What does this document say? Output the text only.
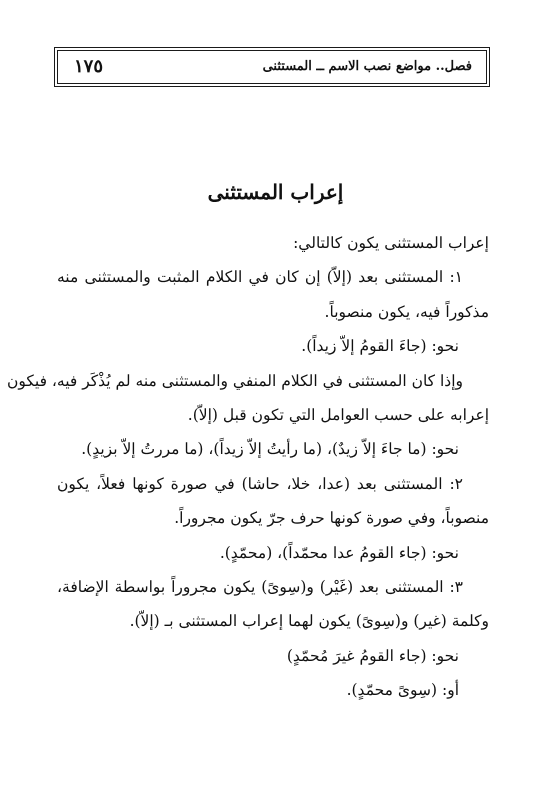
فصل.. مواضع نصب الاسم ــ المستثنى
١٧٥
إعراب المستثنى
إعراب المستثنى يكون كالتالي:
١: المستثنى بعد (إلاّ) إن كان في الكلام المثبت والمستثنى منه
مذكوراً فيه، يكون منصوباً.
نحو: (جاءَ القومُ إلاّ زيداً).
وإذا كان المستثنى في الكلام المنفي والمستثنى منه لم يُذْكَر فيه، فيكون
إعرابه على حسب العوامل التي تكون قبل (إلاّ).
نحو: (ما جاءَ إلاّ زيدٌ)، (ما رأيتُ إلاّ زيداً)، (ما مررتُ إلاّ بزيدٍ).
٢: المستثنى بعد (عدا، خلا، حاشا) في صورة كونها فعلاً، يكون
منصوباً، وفي صورة كونها حرف جرّ يكون مجروراً.
نحو: (جاء القومُ عدا محمّداً)، (محمّدٍ).
٣: المستثنى بعد (غَيْر) و(سِوىً) يكون مجروراً بواسطة الإضافة،
وكلمة (غير) و(سِوىً) يكون لهما إعراب المستثنى بـ (إلاّ).
نحو: (جاء القومُ غيرَ مُحمّدٍ)
أو: (سِوىً محمّدٍ).
